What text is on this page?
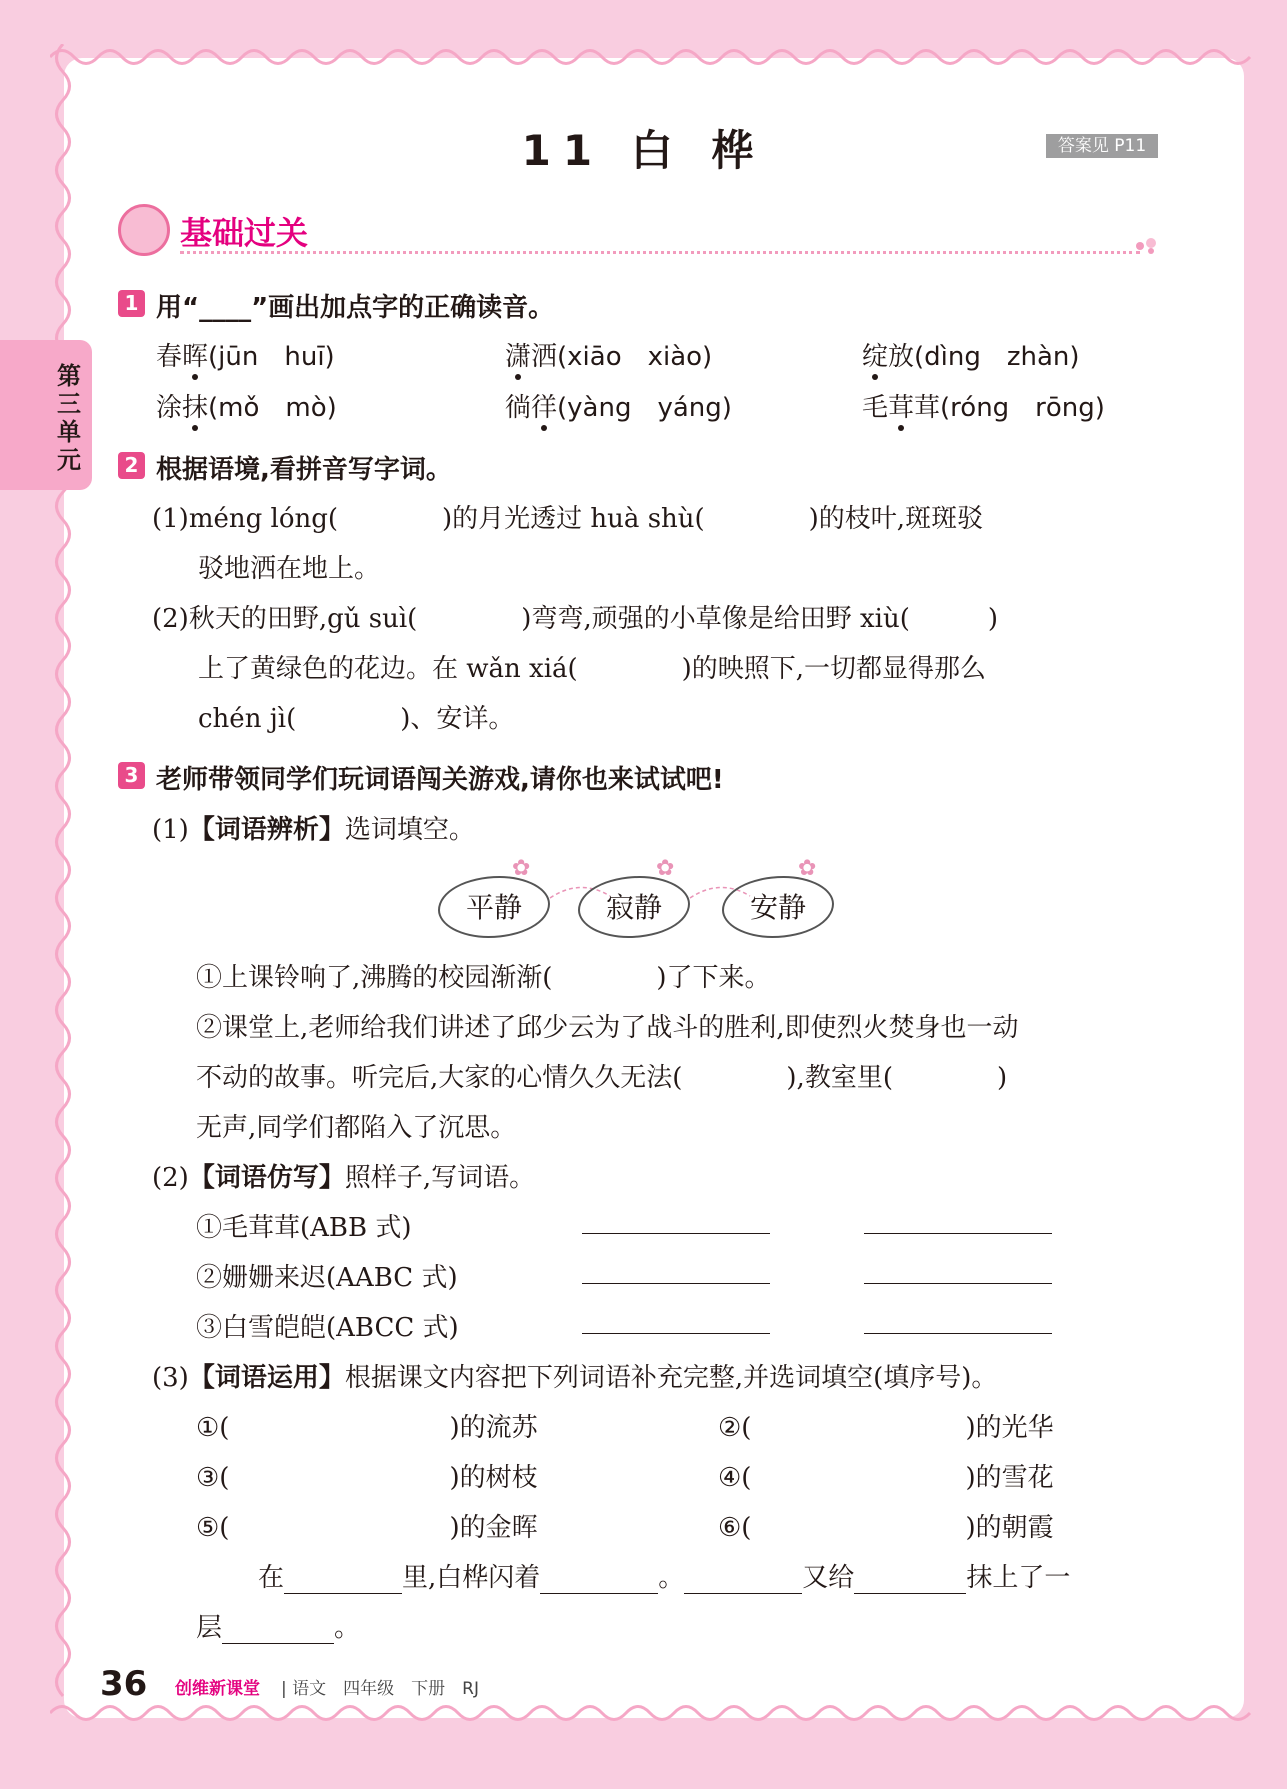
第三单元
11 白 桦	答案见 P11
基础过关
1 用“____”画出加点字的正确读音。
春晖(jūn　huī)	潇洒(xiāo　xiào)	绽放(dìng　zhàn)
涂抹(mǒ　mò)	徜徉(yàng　yáng)	毛茸茸(róng　rōng)
2 根据语境,看拼音写字词。
(1)méng lóng(　　　　)的月光透过 huà shù(　　　　)的枝叶,斑斑驳
驳地洒在地上。
(2)秋天的田野,gǔ suì(　　　　)弯弯,顽强的小草像是给田野 xiù(　　　)
上了黄绿色的花边。在 wǎn xiá(　　　　)的映照下,一切都显得那么
chén jì(　　　　)、安详。
3 老师带领同学们玩词语闯关游戏,请你也来试试吧!
(1)【词语辨析】选词填空。
平静	寂静	安静
✿	✿	✿
①上课铃响了,沸腾的校园渐渐(　　　　)了下来。
②课堂上,老师给我们讲述了邱少云为了战斗的胜利,即使烈火焚身也一动
不动的故事。听完后,大家的心情久久无法(　　　　),教室里(　　　　)
无声,同学们都陷入了沉思。
(2)【词语仿写】照样子,写词语。
①毛茸茸(ABB 式)
②姗姗来迟(AABC 式)
③白雪皑皑(ABCC 式)
(3)【词语运用】根据课文内容把下列词语补充完整,并选词填空(填序号)。
①(	)的流苏	②(	)的光华
③(	)的树枝	④(	)的雪花
⑤(	)的金晖	⑥(	)的朝霞
在	里,白桦闪着	。	又给	抹上了一
层	。
36 创维新课堂 | 语文　四年级　下册　RJ
